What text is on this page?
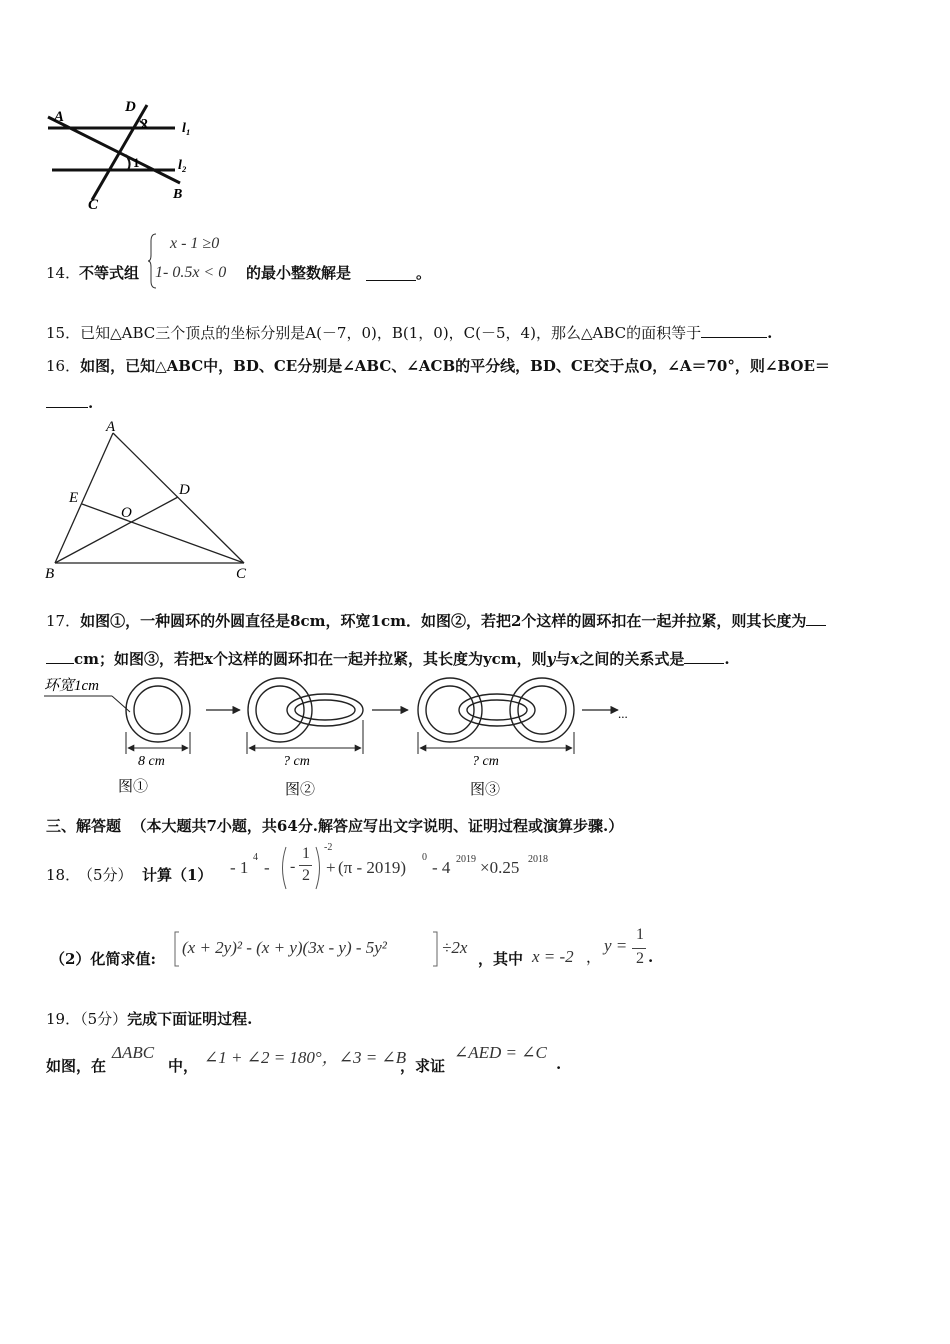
A
D
2 l₁
l₂
1
C
B
14．
不等式组
x - 1 ≥0
1- 0.5x < 0 的最小整数解是	。
15．已知△ABC三个顶点的坐标分别是A(－7，0)，B(1，0)，C(－5，4)，那么△ABC的面积等于	.
16．如图，已知△ABC中，BD、CE分别是∠ABC、∠ACB的平分线，BD、CE交于点O，∠A＝70°，则∠BOE＝
.
A
D
E
O
B	C
17．如图①，一种圆环的外圆直径是8cm，环宽1cm．如图②，若把2个这样的圆环扣在一起并拉紧，则其长度为
cm；如图③，若把x个这样的圆环扣在一起并拉紧，其长度为ycm，则y与x之间的关系式是	.
环宽1cm
8 cm
图①
? cm
图②
? cm
图③
...
三、解答题 （本大题共7小题，共64分.解答应写出文字说明、证明过程或演算步骤.）
18．
（5分） 计算（1） - 1
4
- -
1
2
-2
+ (π - 2019)
0
- 4 2019 ×0.25 2018
（2）化简求值:
(x + 2y)² - (x + y)(3x - y) - 5y²	÷2x
，其中 x = -2 ，
y =
1
2 .
19．（5分）完成下面证明过程.
如图，在
ΔABC
中， ∠1 + ∠2 = 180°，∠3 = ∠B
，求证
∠AED = ∠C
.
